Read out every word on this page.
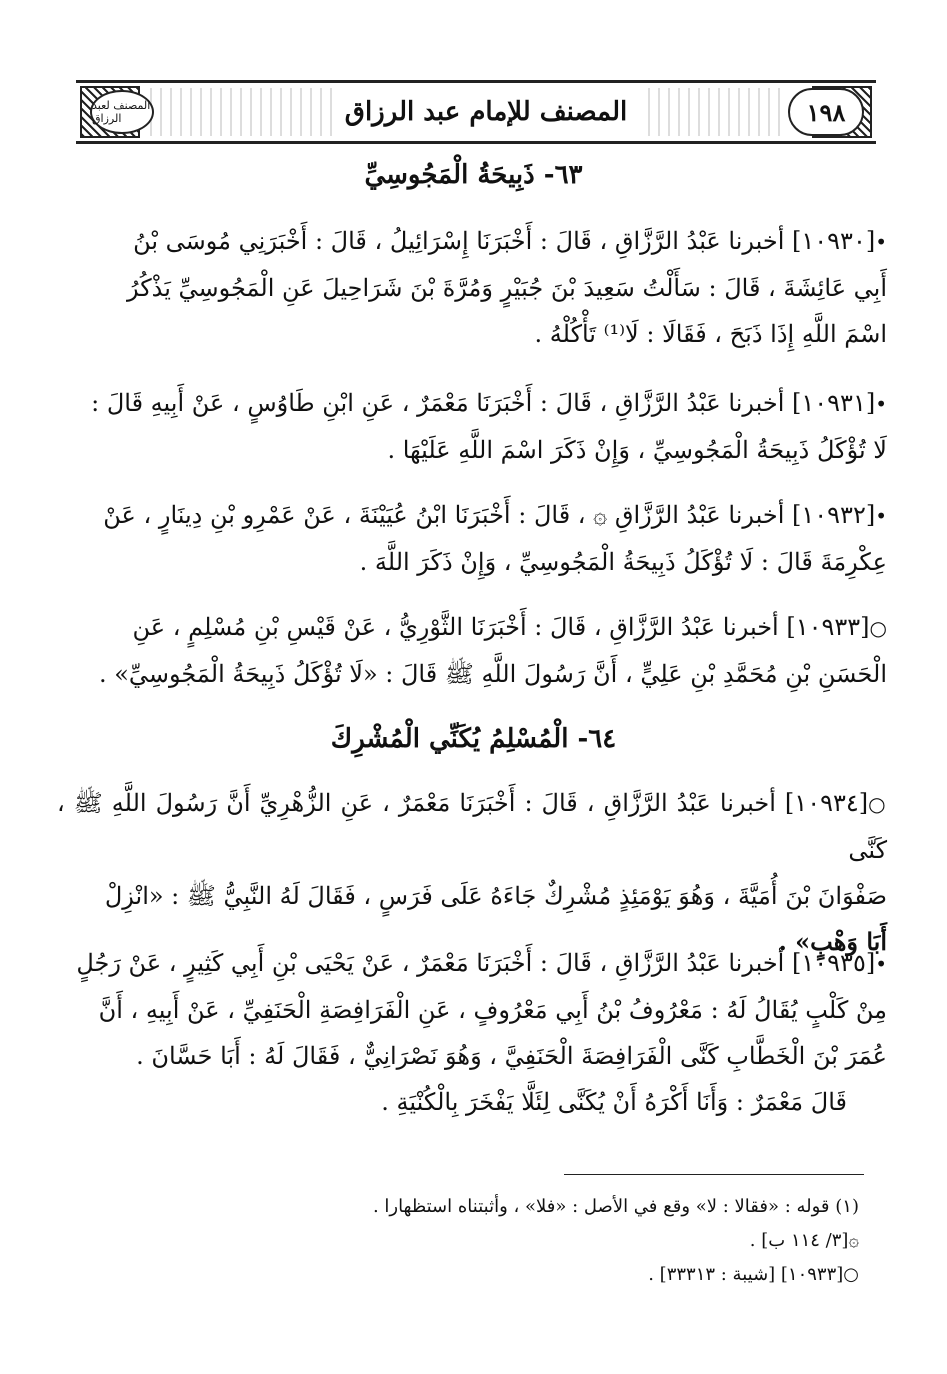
المصنف لعبد الرزاق	١٩٨
المصنف للإمام عبد الرزاق
٦٣- ذَبِيحَةُ الْمَجُوسِيِّ
•[١٠٩٣٠] أخبرنا عَبْدُ الرَّزَّاقِ ، قَالَ : أَخْبَرَنَا إِسْرَائِيلُ ، قَالَ : أَخْبَرَنِي مُوسَى بْنُ
أَبِي عَائِشَةَ ، قَالَ : سَأَلْتُ سَعِيدَ بْنَ جُبَيْرٍ وَمُرَّةَ بْنَ شَرَاحِيلَ عَنِ الْمَجُوسِيِّ يَذْكُرُ
اسْمَ اللَّهِ إِذَا ذَبَحَ ، فَقَالَا : لَا⁽¹⁾ تَأْكُلْهُ .
•[١٠٩٣١] أخبرنا عَبْدُ الرَّزَّاقِ ، قَالَ : أَخْبَرَنَا مَعْمَرٌ ، عَنِ ابْنِ طَاوُسٍ ، عَنْ أَبِيهِ قَالَ :
لَا تُؤْكَلُ ذَبِيحَةُ الْمَجُوسِيِّ ، وَإِنْ ذَكَرَ اسْمَ اللَّهِ عَلَيْهَا .
•[١٠٩٣٢] أخبرنا عَبْدُ الرَّزَّاقِ ۞ ، قَالَ : أَخْبَرَنَا ابْنُ عُيَيْنَةَ ، عَنْ عَمْرِو بْنِ دِينَارٍ ، عَنْ
عِكْرِمَةَ قَالَ : لَا تُؤْكَلُ ذَبِيحَةُ الْمَجُوسِيِّ ، وَإِنْ ذَكَرَ اللَّهَ .
○[١٠٩٣٣] أخبرنا عَبْدُ الرَّزَّاقِ ، قَالَ : أَخْبَرَنَا الثَّوْرِيُّ ، عَنْ قَيْسِ بْنِ مُسْلِمٍ ، عَنِ
الْحَسَنِ بْنِ مُحَمَّدِ بْنِ عَلِيٍّ ، أَنَّ رَسُولَ اللَّهِ ﷺ قَالَ : «لَا تُؤْكَلُ ذَبِيحَةُ الْمَجُوسِيِّ» .
٦٤- الْمُسْلِمُ يُكَنِّي الْمُشْرِكَ
○[١٠٩٣٤] أخبرنا عَبْدُ الرَّزَّاقِ ، قَالَ : أَخْبَرَنَا مَعْمَرٌ ، عَنِ الزُّهْرِيِّ أَنَّ رَسُولَ اللَّهِ ﷺ ، كَنَّى
صَفْوَانَ بْنَ أُمَيَّةَ ، وَهُوَ يَوْمَئِذٍ مُشْرِكٌ جَاءَهُ عَلَى فَرَسٍ ، فَقَالَ لَهُ النَّبِيُّ ﷺ : «انْزِلْ
أَبَا وَهْبٍ» .
•[١٠٩٣٥] أخبرنا عَبْدُ الرَّزَّاقِ ، قَالَ : أَخْبَرَنَا مَعْمَرٌ ، عَنْ يَحْيَى بْنِ أَبِي كَثِيرٍ ، عَنْ رَجُلٍ
مِنْ كَلْبٍ يُقَالُ لَهُ : مَعْرُوفُ بْنُ أَبِي مَعْرُوفٍ ، عَنِ الْفَرَافِصَةِ الْحَنَفِيِّ ، عَنْ أَبِيهِ ، أَنَّ
عُمَرَ بْنَ الْخَطَّابِ كَنَّى الْفَرَافِصَةَ الْحَنَفِيَّ ، وَهُوَ نَصْرَانِيٌّ ، فَقَالَ لَهُ : أَبَا حَسَّانَ .
قَالَ مَعْمَرٌ : وَأَنَا أَكْرَهُ أَنْ يُكَنَّى لِئَلَّا يَفْخَرَ بِالْكُنْيَةِ .
(١) قوله : «فقالا : لا» وقع في الأصل : «فلا» ، وأثبتناه استظهارا .
۞[٣/ ١١٤ ب] .
○[١٠٩٣٣] [شيبة : ٣٣٣١٣] .
